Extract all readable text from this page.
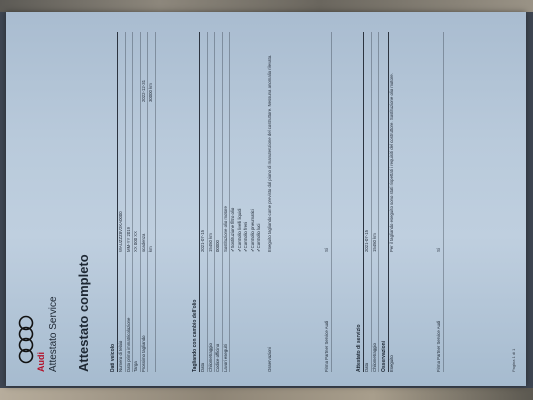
Audi Attestato Service Attestato completo	Dati veicolo Numero di telaio
WAUZZZ8V2KA0000
Data prima immatricolazione
MM-YY 2019
Targa
XX 000 XX
Prossimo tagliando
scadenza
2022-12-31
km
30000 km
Tagliando con cambio dell'olio Data
2021-07-15
Chilometraggio
15450 km
Codice officina
00000
Lavori eseguiti
Sostituzione olio motore ✓ Sostituzione filtro olio ✓ Controllo livelli liquidi ✓ Controllo freni ✓ Controllo pneumatici ✓ Controllo luci
Osservazioni
Eseguito tagliando come previsto dal piano di manutenzione del costruttore. Nessuna anomalia rilevata.
Firma Partner Service Audi
Sì
Attestato di servizio Data
2021-07-15
Chilometraggio
15450 km
Osservazioni Eseguito
Per il tagliando eseguito sono stati rispettati i requisiti del costruttore. Sostituzione olio motore.
Firma Partner Service Audi
Sì
Pagina 1 di 1
